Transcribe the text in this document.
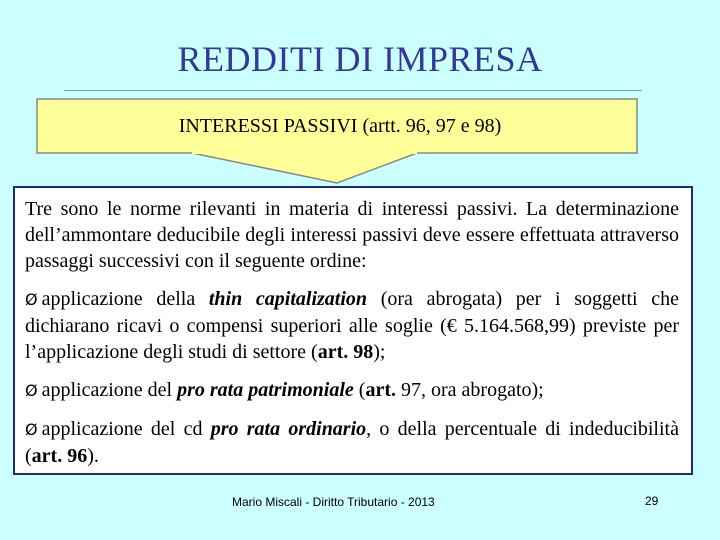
REDDITI DI IMPRESA
INTERESSI PASSIVI (artt. 96, 97 e 98)

Tre sono le norme rilevanti in materia di interessi passivi. La determinazione dell’ammontare deducibile degli interessi passivi deve essere effettuata attraverso passaggi successivi con il seguente ordine:

Ø applicazione della thin capitalization (ora abrogata) per i soggetti che dichiarano ricavi o compensi superiori alle soglie (€ 5.164.568,99) previste per l’applicazione degli studi di settore (art. 98);

Ø applicazione del pro rata patrimoniale (art. 97, ora abrogato);

Ø applicazione del cd pro rata ordinario, o della percentuale di indeducibilità (art. 96).

Mario Miscali - Diritto Tributario - 2013	29
